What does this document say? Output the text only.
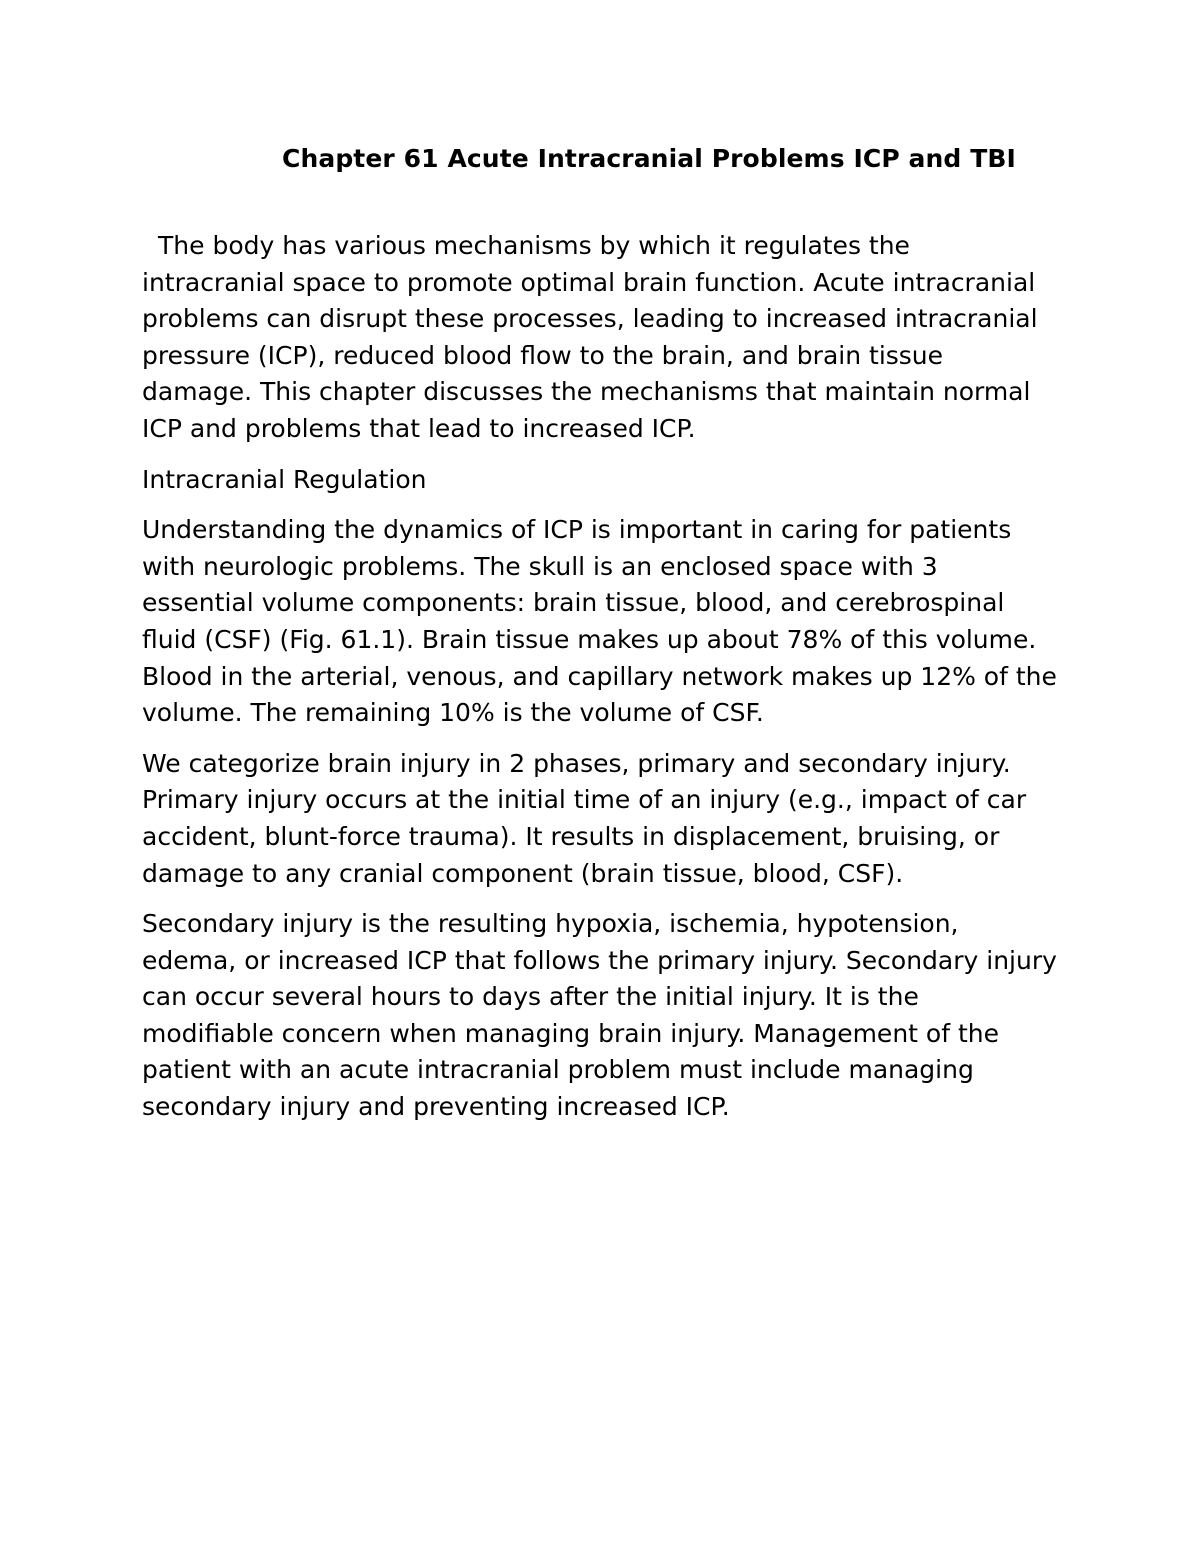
Chapter 61 Acute Intracranial Problems ICP and TBI

The body has various mechanisms by which it regulates the intracranial space to promote optimal brain function. Acute intracranial problems can disrupt these processes, leading to increased intracranial pressure (ICP), reduced blood flow to the brain, and brain tissue damage. This chapter discusses the mechanisms that maintain normal ICP and problems that lead to increased ICP.

Intracranial Regulation

Understanding the dynamics of ICP is important in caring for patients with neurologic problems. The skull is an enclosed space with 3 essential volume components: brain tissue, blood, and cerebrospinal fluid (CSF) (Fig. 61.1). Brain tissue makes up about 78% of this volume. Blood in the arterial, venous, and capillary network makes up 12% of the volume. The remaining 10% is the volume of CSF.

We categorize brain injury in 2 phases, primary and secondary injury. Primary injury occurs at the initial time of an injury (e.g., impact of car accident, blunt-force trauma). It results in displacement, bruising, or damage to any cranial component (brain tissue, blood, CSF).

Secondary injury is the resulting hypoxia, ischemia, hypotension, edema, or increased ICP that follows the primary injury. Secondary injury can occur several hours to days after the initial injury. It is the modifiable concern when managing brain injury. Management of the patient with an acute intracranial problem must include managing secondary injury and preventing increased ICP.
